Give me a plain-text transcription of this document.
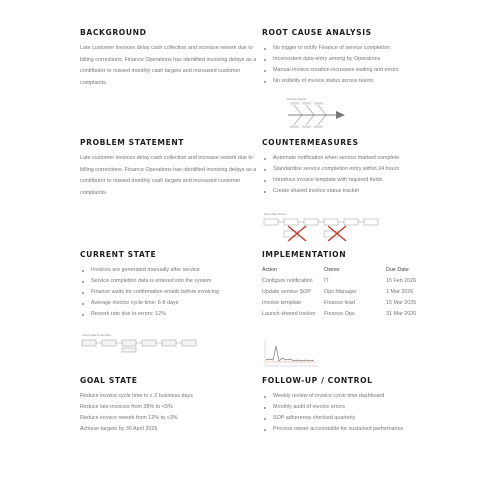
BACKGROUND

Late customer invoices delay cash collection and increase rework due to billing corrections. Finance Operations has identified invoicing delays as a contributor to missed monthly cash targets and increased customer complaints.

ROOT CAUSE ANALYSIS
No trigger to notify Finance of service completion
Inconsistent data entry among by Operations
Manual invoice creation increases waiting and errors
No visibility of invoice status across teams
Fishbone Diagram
PROBLEM STATEMENT

Late customer invoices delay cash collection and increase rework due to billing corrections. Finance Operations has identified invoicing delays as a contributor to missed monthly cash targets and increased customer complaints.

COUNTERMEASURES
Automate notification when service marked complete
Standardize service completion entry within 24 hours
Introduce invoice template with required fields
Create shared invoice status tracker
Future State Process
CURRENT STATE
Invoices are generated manually after service
Service completion data is entered into the system
Finance waits for confirmation emails before invoicing
Average invoice cycle time: 6-8 days
Rework rate due to errors: 12%
Current State Process Map
IMPLEMENTATION
Action	Owner	Due Date
Configure notification	IT	15 Feb 2026
Update service SOP	Ops Manager	1 Mar 2026
Invoice template	Finance lead	15 Mar 2026
Launch shared tracker	Finance Ops	31 Mar 2026
GOAL STATE
Reduce invoice cycle time to ≤ 2 business days
Reduce late invoices from 38% to <5%
Reduce invoice rework from 12% to <3%
Achieve targets by 30 April 2026
FOLLOW-UP / CONTROL
Weekly review of invoice cycle time dashboard
Monthly audit of invoice errors
SOP adherence checked quarterly
Process owner accountable for sustained performance
